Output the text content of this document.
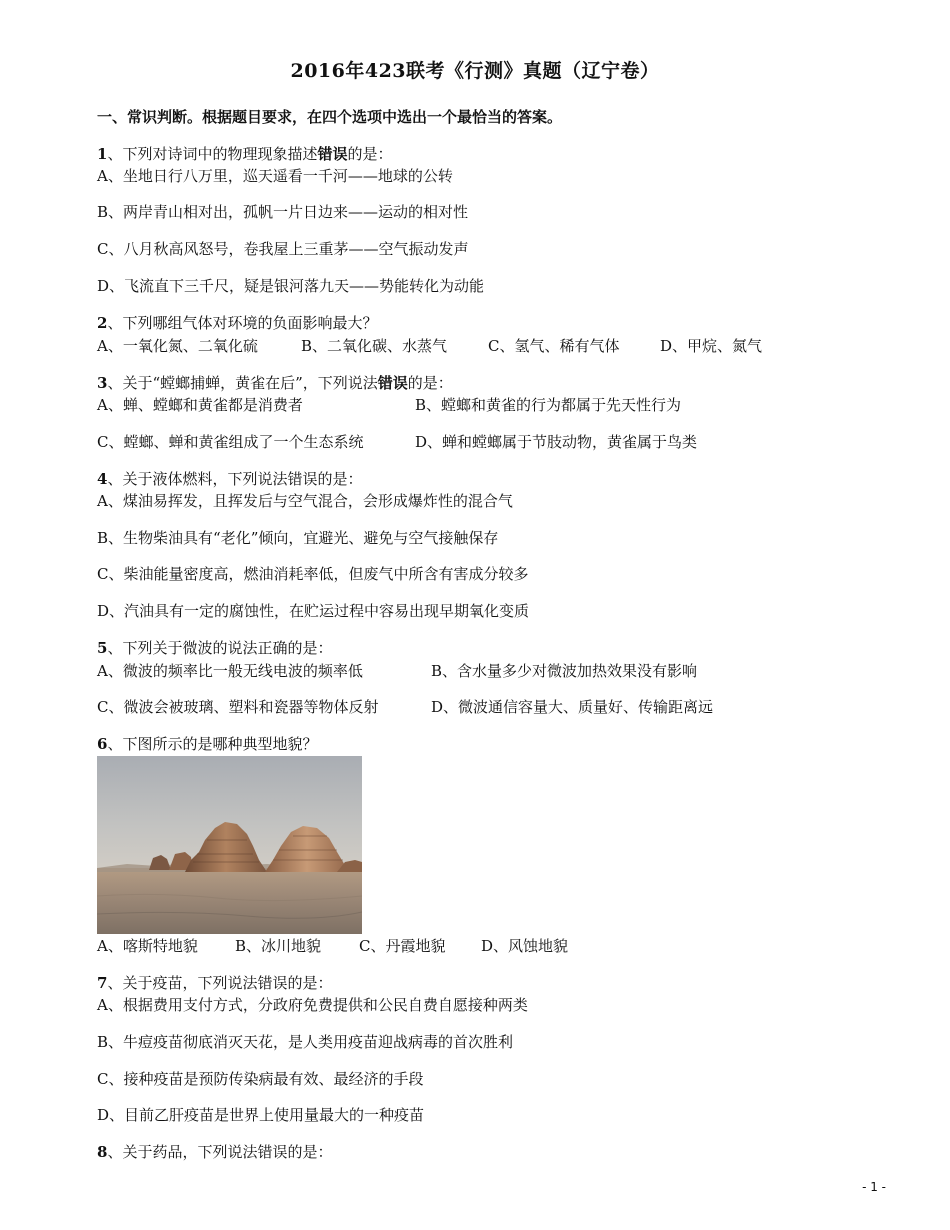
2016年423联考《行测》真题（辽宁卷）
一、常识判断。根据题目要求，在四个选项中选出一个最恰当的答案。
1、下列对诗词中的物理现象描述错误的是：
A、坐地日行八万里，巡天遥看一千河——地球的公转
B、两岸青山相对出，孤帆一片日边来——运动的相对性
C、八月秋高风怒号，卷我屋上三重茅——空气振动发声
D、飞流直下三千尺，疑是银河落九天——势能转化为动能
2、下列哪组气体对环境的负面影响最大？
A、一氧化氮、二氧化硫	B、二氧化碳、水蒸气	C、氢气、稀有气体	D、甲烷、氮气
3、关于“螳螂捕蝉，黄雀在后”，下列说法错误的是：
A、蝉、螳螂和黄雀都是消费者	B、螳螂和黄雀的行为都属于先天性行为
C、螳螂、蝉和黄雀组成了一个生态系统	D、蝉和螳螂属于节肢动物，黄雀属于鸟类
4、关于液体燃料，下列说法错误的是：
A、煤油易挥发，且挥发后与空气混合，会形成爆炸性的混合气
B、生物柴油具有“老化”倾向，宜避光、避免与空气接触保存
C、柴油能量密度高，燃油消耗率低，但废气中所含有害成分较多
D、汽油具有一定的腐蚀性，在贮运过程中容易出现早期氧化变质
5、下列关于微波的说法正确的是：
A、微波的频率比一般无线电波的频率低	B、含水量多少对微波加热效果没有影响
C、微波会被玻璃、塑料和瓷器等物体反射	D、微波通信容量大、质量好、传输距离远
6、下图所示的是哪种典型地貌？
A、喀斯特地貌 B、冰川地貌	C、丹霞地貌 D、风蚀地貌
7、关于疫苗，下列说法错误的是：
A、根据费用支付方式，分政府免费提供和公民自费自愿接种两类
B、牛痘疫苗彻底消灭天花，是人类用疫苗迎战病毒的首次胜利
C、接种疫苗是预防传染病最有效、最经济的手段
D、目前乙肝疫苗是世界上使用量最大的一种疫苗
8、关于药品，下列说法错误的是：
- 1 -
